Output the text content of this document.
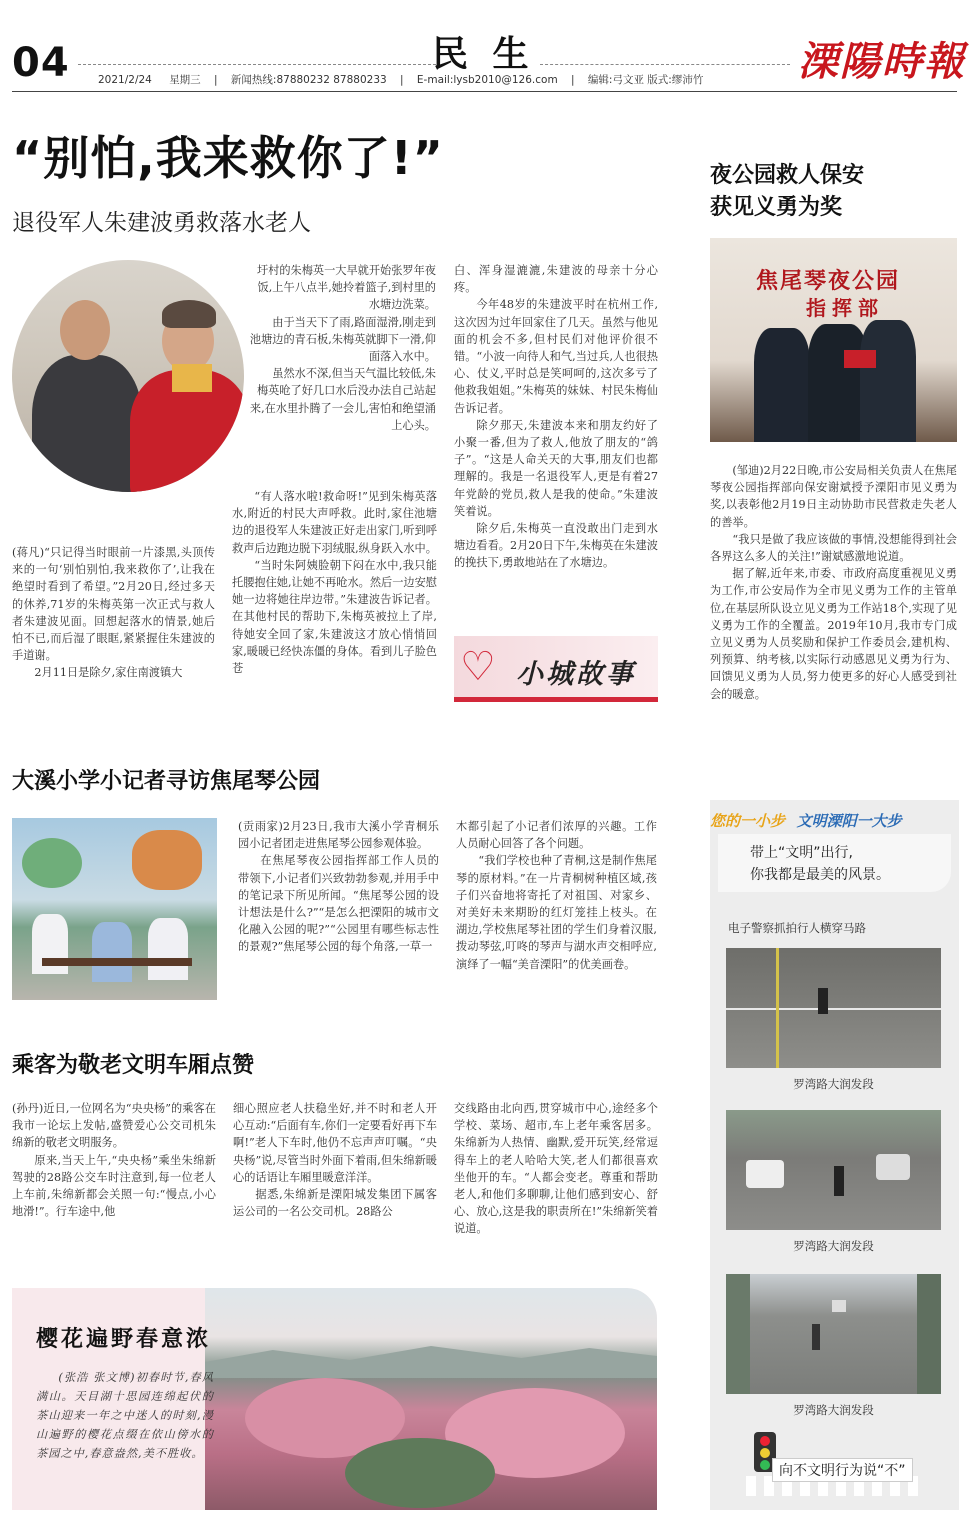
04	民 生
2021/2/24 星期三 | 新闻热线:87880232 87880233 | E-mail:lysb2010@126.com | 编辑:弓文亚 版式:缪沛竹 溧陽時報
“别怕,我来救你了!”
退役军人朱建波勇救落水老人

(蒋凡)“只记得当时眼前一片漆黑,头顶传来的一句‘别怕别怕,我来救你了’,让我在绝望时看到了希望。”2月20日,经过多天的休养,71岁的朱梅英第一次正式与救人者朱建波见面。回想起落水的情景,她后怕不已,而后湿了眼眶,紧紧握住朱建波的手道谢。

2月11日是除夕,家住南渡镇大

圩村的朱梅英一大早就开始张罗年夜饭,上午八点半,她拎着篮子,到村里的水塘边洗菜。

由于当天下了雨,路面湿滑,刚走到池塘边的青石板,朱梅英就脚下一滑,仰面落入水中。

虽然水不深,但当天气温比较低,朱梅英呛了好几口水后没办法自己站起来,在水里扑腾了一会儿,害怕和绝望涌上心头。

“有人落水啦!救命呀!”见到朱梅英落水,附近的村民大声呼救。此时,家住池塘边的退役军人朱建波正好走出家门,听到呼救声后边跑边脱下羽绒服,纵身跃入水中。

“当时朱阿姨脸朝下闷在水中,我只能托腰抱住她,让她不再呛水。然后一边安慰她一边将她往岸边带。”朱建波告诉记者。在其他村民的帮助下,朱梅英被拉上了岸,待她安全回了家,朱建波这才放心悄悄回家,暖暖已经快冻僵的身体。看到儿子脸色苍

白、浑身湿漉漉,朱建波的母亲十分心疼。

今年48岁的朱建波平时在杭州工作,这次因为过年回家住了几天。虽然与他见面的机会不多,但村民们对他评价很不错。“小波一向待人和气,当过兵,人也很热心、仗义,平时总是笑呵呵的,这次多亏了他救我姐姐。”朱梅英的妹妹、村民朱梅仙告诉记者。

除夕那天,朱建波本来和朋友约好了小聚一番,但为了救人,他放了朋友的“鸽子”。“这是人命关天的大事,朋友们也都理解的。我是一名退役军人,更是有着27年党龄的党员,救人是我的使命。”朱建波笑着说。

除夕后,朱梅英一直没敢出门走到水塘边看看。2月20日下午,朱梅英在朱建波的挽扶下,勇敢地站在了水塘边。

♡ 小城故事
夜公园救人保安
获见义勇为奖
焦尾琴夜公园
指挥部

(邹迪)2月22日晚,市公安局相关负责人在焦尾琴夜公园指挥部向保安谢斌授予溧阳市见义勇为奖,以表彰他2月19日主动协助市民营救走失老人的善举。

“我只是做了我应该做的事情,没想能得到社会各界这么多人的关注!”谢斌感激地说道。

据了解,近年来,市委、市政府高度重视见义勇为工作,市公安局作为全市见义勇为工作的主管单位,在基层所队设立见义勇为工作站18个,实现了见义勇为工作的全覆盖。2019年10月,我市专门成立见义勇为人员奖励和保护工作委员会,建机构、列预算、纳考核,以实际行动感恩见义勇为行为、回馈见义勇为人员,努力使更多的好心人感受到社会的暖意。

大溪小学小记者寻访焦尾琴公园

(贡雨家)2月23日,我市大溪小学青桐乐园小记者团走进焦尾琴公园参观体验。

在焦尾琴夜公园指挥部工作人员的带领下,小记者们兴致勃勃参观,并用手中的笔记录下所见所闻。“焦尾琴公园的设计想法是什么?”“是怎么把溧阳的城市文化融入公园的呢?”“公园里有哪些标志性的景观?”焦尾琴公园的每个角落,一草一

木都引起了小记者们浓厚的兴趣。工作人员耐心回答了各个问题。

“我们学校也种了青桐,这是制作焦尾琴的原材料。”在一片青桐树种植区域,孩子们兴奋地将寄托了对祖国、对家乡、对美好未来期盼的红灯笼挂上枝头。在湖边,学校焦尾琴社团的学生们身着汉服,拨动琴弦,叮咚的琴声与湖水声交相呼应,演绎了一幅“美音溧阳”的优美画卷。

乘客为敬老文明车厢点赞

(孙丹)近日,一位网名为“央央杨”的乘客在我市一论坛上发帖,盛赞爱心公交司机朱绵新的敬老文明服务。

原来,当天上午,“央央杨”乘坐朱绵新驾驶的28路公交车时注意到,每一位老人上车前,朱绵新都会关照一句:“慢点,小心地滑!”。行车途中,他

细心照应老人扶稳坐好,并不时和老人开心互动:“后面有车,你们一定要看好再下车啊!”老人下车时,他仍不忘声声叮嘱。“央央杨”说,尽管当时外面下着雨,但朱绵新暖心的话语让车厢里暖意洋洋。

据悉,朱绵新是溧阳城发集团下属客运公司的一名公交司机。28路公

交线路由北向西,贯穿城市中心,途经多个学校、菜场、超市,车上老年乘客居多。朱绵新为人热情、幽默,爱开玩笑,经常逗得车上的老人哈哈大笑,老人们都很喜欢坐他开的车。“人都会变老。尊重和帮助老人,和他们多聊聊,让他们感到安心、舒心、放心,这是我的职责所在!”朱绵新笑着说道。

樱花遍野春意浓
(张浩 张文博)初春时节,春风满山。天目湖十思园连绵起伏的茶山迎来一年之中迷人的时刻,漫山遍野的樱花点缀在依山傍水的茶园之中,春意盎然,美不胜收。
您的一小步 文明溧阳一大步
带上“文明”出行,
你我都是最美的风景。
电子警察抓拍行人横穿马路
罗湾路大润发段
罗湾路大润发段
罗湾路大润发段
向不文明行为说“不”
